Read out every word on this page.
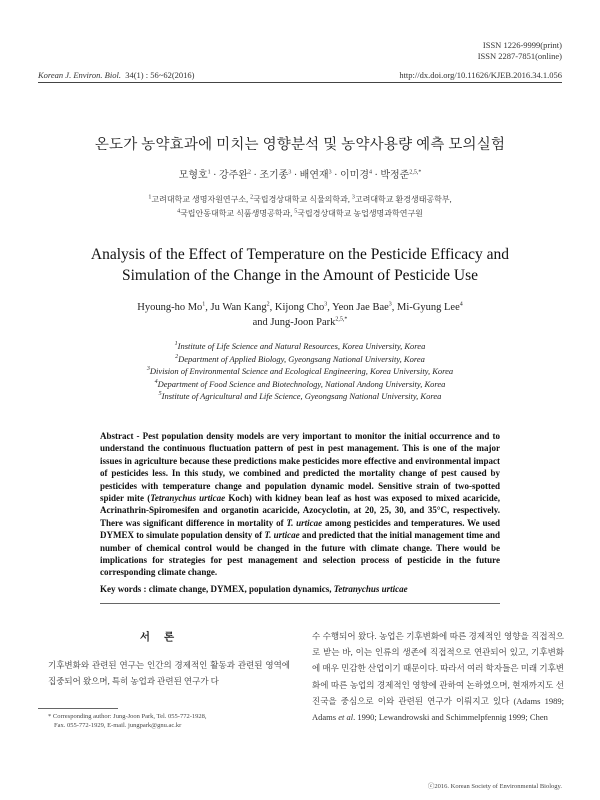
ISSN 1226-9999(print)
ISSN 2287-7851(online)
Korean J. Environ. Biol. 34(1) : 56~62(2016)	http://dx.doi.org/10.11626/KJEB.2016.34.1.056
온도가 농약효과에 미치는 영향분석 및 농약사용량 예측 모의실험
모형호$^1$ · 강주완$^2$ · 조기종$^3$ · 배연재$^3$ · 이미경$^4$ · 박정준$^{2,5,*}$
$^1$고려대학교 생명자원연구소, $^2$국립경상대학교 식물의학과, $^3$고려대학교 환경생태공학부,
$^4$국립안동대학교 식품생명공학과, $^5$국립경상대학교 농업생명과학연구원
Analysis of the Effect of Temperature on the Pesticide Efficacy and
Simulation of the Change in the Amount of Pesticide Use
Hyoung-ho Mo$^1$, Ju Wan Kang$^2$, Kijong Cho$^3$, Yeon Jae Bae$^3$, Mi-Gyung Lee$^4$
and Jung-Joon Park$^{2,5,*}$
$^1$Institute of Life Science and Natural Resources, Korea University, Korea
$^2$Department of Applied Biology, Gyeongsang National University, Korea
$^3$Division of Environmental Science and Ecological Engineering, Korea University, Korea
$^4$Department of Food Science and Biotechnology, National Andong University, Korea
$^5$Institute of Agricultural and Life Science, Gyeongsang National University, Korea
Abstract - Pest population density models are very important to monitor the initial occurrence and to understand the continuous fluctuation pattern of pest in pest management. This is one of the major issues in agriculture because these predictions make pesticides more effective and environmental impact of pesticides less. In this study, we combined and predicted the mortality change of pest caused by pesticides with temperature change and population dynamic model. Sensitive strain of two-spotted spider mite (Tetranychus urticae Koch) with kidney bean leaf as host was exposed to mixed acaricide, Acrinathrin-Spiromesifen and organotin acaricide, Azocyclotin, at 20, 25, 30, and 35°C, respectively. There was significant difference in mortality of T. urticae among pesticides and temperatures. We used DYMEX to simulate population density of T. urticae and predicted that the initial management time and number of chemical control would be changed in the future with climate change. There would be implications for strategies for pest management and selection process of pesticide in the future corresponding climate change.
Key words : climate change, DYMEX, population dynamics, Tetranychus urticae
서론
기후변화와 관련된 연구는 인간의 경제적인 활동과 관련된 영역에 집중되어 왔으며, 특히 농업과 관련된 연구가 다
* Corresponding author: Jung-Joon Park, Tel. 055-772-1928,
Fax. 055-772-1929, E-mail. jungpark@gnu.ac.kr
수 수행되어 왔다. 농업은 기후변화에 따른 경제적인 영향을 직접적으로 받는 바, 이는 인류의 생존에 직접적으로 연관되어 있고, 기후변화에 매우 민감한 산업이기 때문이다. 따라서 여러 학자들은 미래 기후변화에 따른 농업의 경제적인 영향에 관하여 논하였으며, 현재까지도 선진국을 중심으로 이와 관련된 연구가 이뤄지고 있다 (Adams 1989; Adams et al. 1990; Lewandrowski and Schimmelpfennig 1999; Chen
ⓒ2016. Korean Society of Environmental Biology.
